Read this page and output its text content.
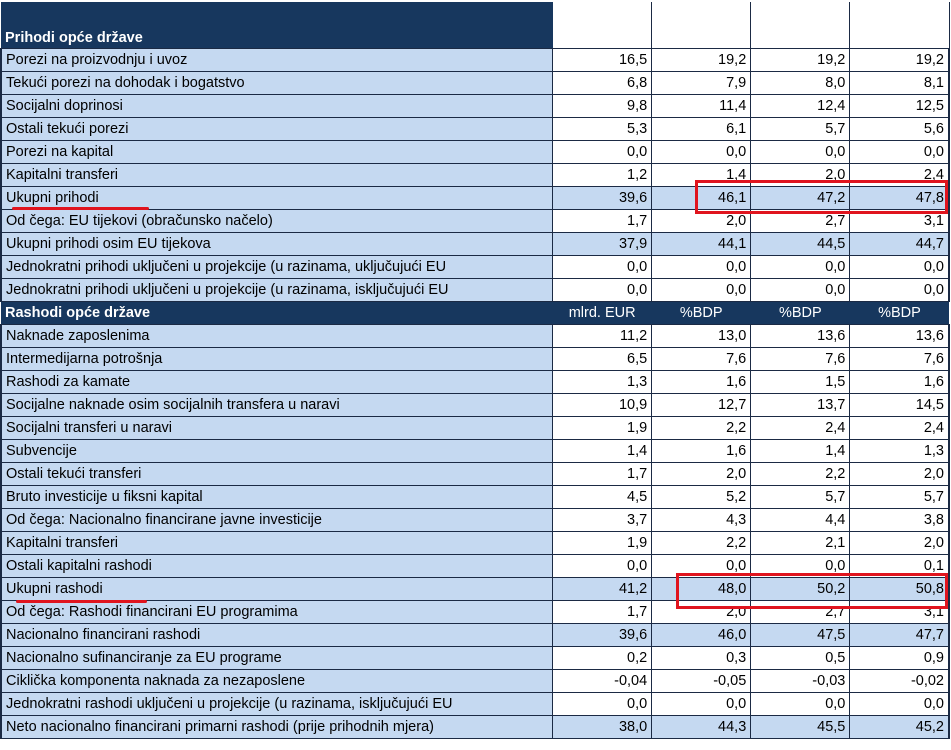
	2024.	2024.	2025.	2026.
Prihodi opće države	mlrd. EUR	%BDP	%BDP	%BDP
Porezi na proizvodnju i uvoz	16,5	19,2	19,2	19,2
Tekući porezi na dohodak i bogatstvo	6,8	7,9	8,0	8,1
Socijalni doprinosi	9,8	11,4	12,4	12,5
Ostali tekući porezi	5,3	6,1	5,7	5,6
Porezi na kapital	0,0	0,0	0,0	0,0
Kapitalni transferi	1,2	1,4	2,0	2,4
Ukupni prihodi	39,6	46,1	47,2	47,8
Od čega: EU tijekovi (obračunsko načelo)	1,7	2,0	2,7	3,1
Ukupni prihodi osim EU tijekova	37,9	44,1	44,5	44,7
Jednokratni prihodi uključeni u projekcije (u razinama, uključujući EU	0,0	0,0	0,0	0,0
Jednokratni prihodi uključeni u projekcije (u razinama, isključujući EU	0,0	0,0	0,0	0,0
Rashodi opće države	mlrd. EUR	%BDP	%BDP	%BDP
Naknade zaposlenima	11,2	13,0	13,6	13,6
Intermedijarna potrošnja	6,5	7,6	7,6	7,6
Rashodi za kamate	1,3	1,6	1,5	1,6
Socijalne naknade osim socijalnih transfera u naravi	10,9	12,7	13,7	14,5
Socijalni transferi u naravi	1,9	2,2	2,4	2,4
Subvencije	1,4	1,6	1,4	1,3
Ostali tekući transferi	1,7	2,0	2,2	2,0
Bruto investicije u fiksni kapital	4,5	5,2	5,7	5,7
Od čega: Nacionalno financirane javne investicije	3,7	4,3	4,4	3,8
Kapitalni transferi	1,9	2,2	2,1	2,0
Ostali kapitalni rashodi	0,0	0,0	0,0	0,1
Ukupni rashodi	41,2	48,0	50,2	50,8
Od čega: Rashodi financirani EU programima	1,7	2,0	2,7	3,1
Nacionalno financirani rashodi	39,6	46,0	47,5	47,7
Nacionalno sufinanciranje za EU programe	0,2	0,3	0,5	0,9
Ciklička komponenta naknada za nezaposlene	-0,04	-0,05	-0,03	-0,02
Jednokratni rashodi uključeni u projekcije (u razinama, isključujući EU	0,0	0,0	0,0	0,0
Neto nacionalno financirani primarni rashodi (prije prihodnih mjera)	38,0	44,3	45,5	45,2
